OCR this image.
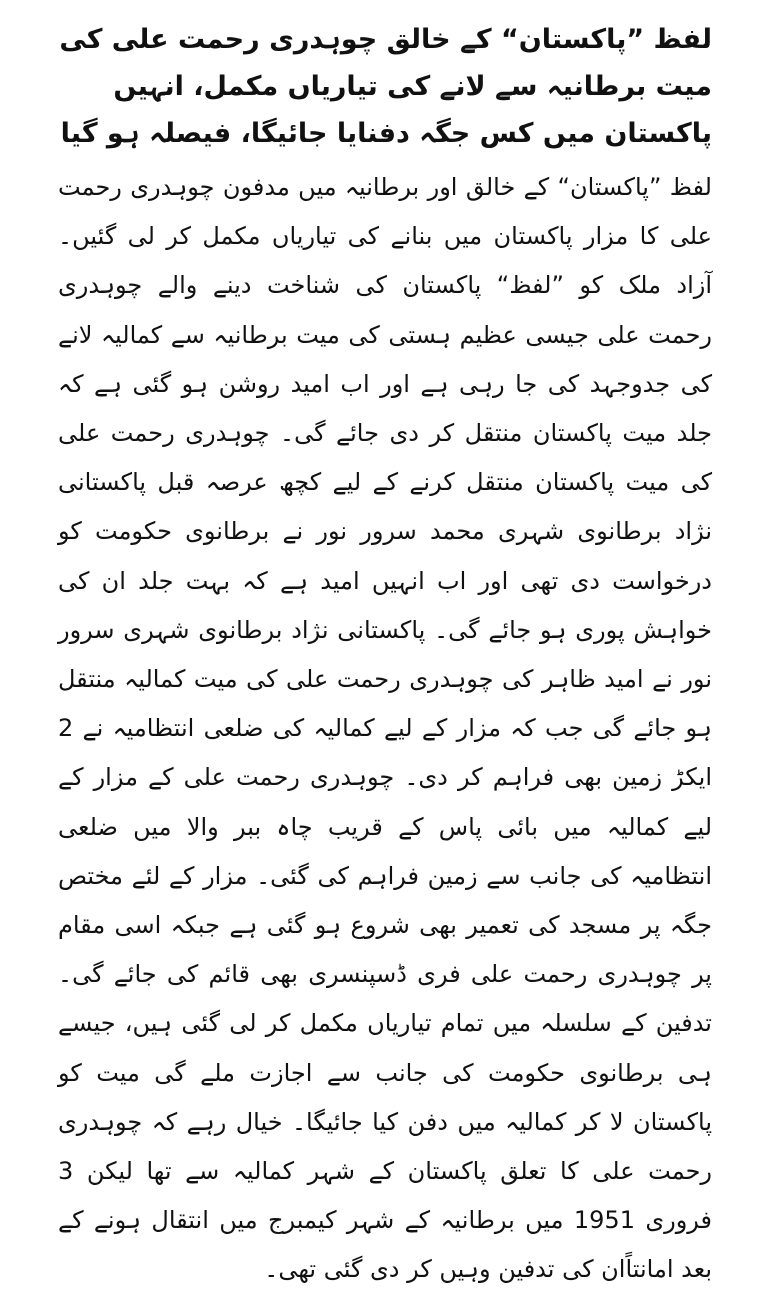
لفظ ”پاکستان“ کے خالق چوہدری رحمت علی کی میت برطانیہ سے لانے کی تیاریاں مکمل، انہیں پاکستان میں کس جگہ دفنایا جائیگا، فیصلہ ہو گیا

لفظ ”پاکستان“ کے خالق اور برطانیہ میں مدفون چوہدری رحمت علی کا مزار پاکستان میں بنانے کی تیاریاں مکمل کر لی گئیں۔ آزاد ملک کو ”لفظ“ پاکستان کی شناخت دینے والے چوہدری رحمت علی جیسی عظیم ہستی کی میت برطانیہ سے کمالیہ لانے کی جدوجہد کی جا رہی ہے اور اب امید روشن ہو گئی ہے کہ جلد میت پاکستان منتقل کر دی جائے گی۔ چوہدری رحمت علی کی میت پاکستان منتقل کرنے کے لیے کچھ عرصہ قبل پاکستانی نژاد برطانوی شہری محمد سرور نور نے برطانوی حکومت کو درخواست دی تھی اور اب انہیں امید ہے کہ بہت جلد ان کی خواہش پوری ہو جائے گی۔ پاکستانی نژاد برطانوی شہری سرور نور نے امید ظاہر کی چوہدری رحمت علی کی میت کمالیہ منتقل ہو جائے گی جب کہ مزار کے لیے کمالیہ کی ضلعی انتظامیہ نے 2 ایکڑ زمین بھی فراہم کر دی۔ چوہدری رحمت علی کے مزار کے لیے کمالیہ میں بائی پاس کے قریب چاہ ببر والا میں ضلعی انتظامیہ کی جانب سے زمین فراہم کی گئی۔ مزار کے لئے مختص جگہ پر مسجد کی تعمیر بھی شروع ہو گئی ہے جبکہ اسی مقام پر چوہدری رحمت علی فری ڈسپنسری بھی قائم کی جائے گی۔ تدفین کے سلسلہ میں تمام تیاریاں مکمل کر لی گئی ہیں، جیسے ہی برطانوی حکومت کی جانب سے اجازت ملے گی میت کو پاکستان لا کر کمالیہ میں دفن کیا جائیگا۔ خیال رہے کہ چوہدری رحمت علی کا تعلق پاکستان کے شہر کمالیہ سے تھا لیکن 3 فروری 1951 میں برطانیہ کے شہر کیمبرج میں انتقال ہونے کے بعد امانتاًان کی تدفین وہیں کر دی گئی تھی۔
